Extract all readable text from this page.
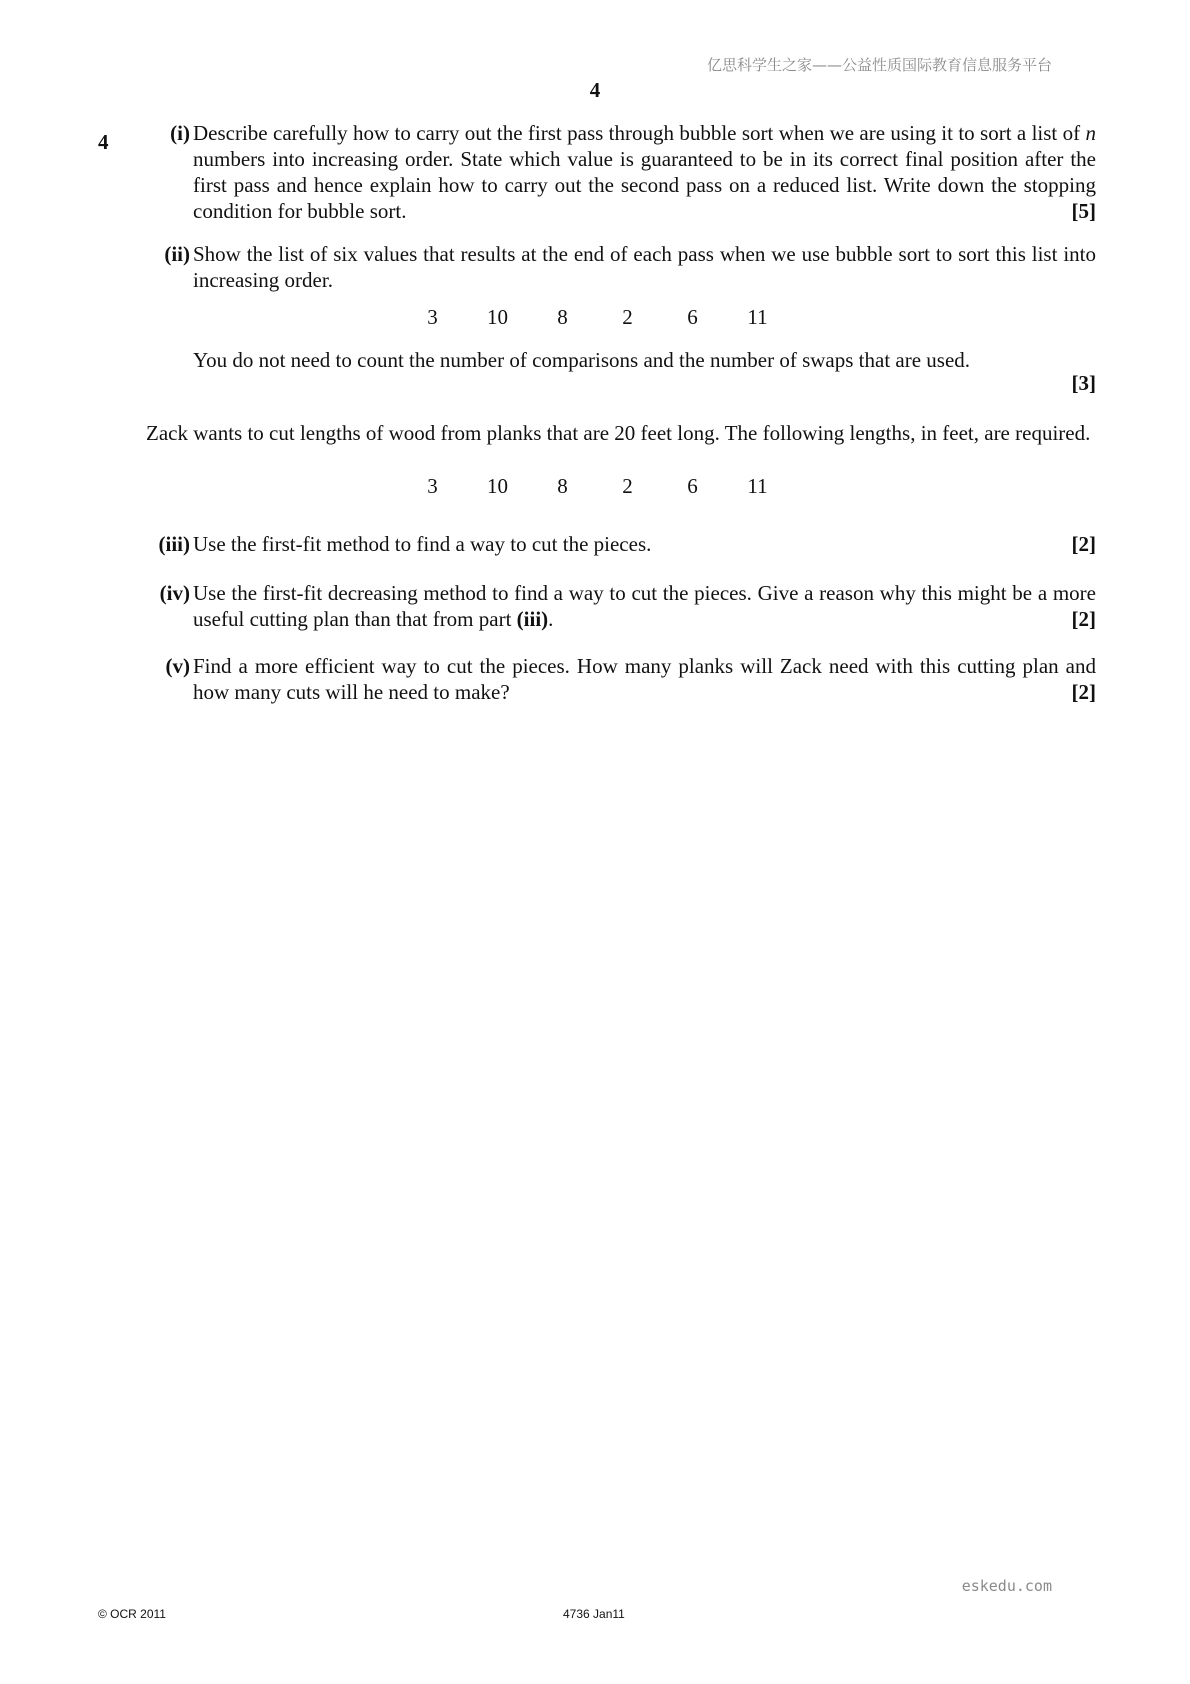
亿思科学生之家——公益性质国际教育信息服务平台
4
4	(i) Describe carefully how to carry out the first pass through bubble sort when we are using it to sort a list of n numbers into increasing order. State which value is guaranteed to be in its correct final position after the first pass and hence explain how to carry out the second pass on a reduced list. Write down the stopping condition for bubble sort.	[5]
(ii) Show the list of six values that results at the end of each pass when we use bubble sort to sort this list into increasing order.
3	10	8	2	6	11
You do not need to count the number of comparisons and the number of swaps that are used.
[3]
Zack wants to cut lengths of wood from planks that are 20 feet long. The following lengths, in feet, are required.
3	10	8	2	6	11
(iii) Use the first-fit method to find a way to cut the pieces.	[2]
(iv) Use the first-fit decreasing method to find a way to cut the pieces. Give a reason why this might be a more useful cutting plan than that from part (iii).	[2]
(v) Find a more efficient way to cut the pieces. How many planks will Zack need with this cutting plan and how many cuts will he need to make?	[2]
eskedu.com
© OCR 2011	4736 Jan11
